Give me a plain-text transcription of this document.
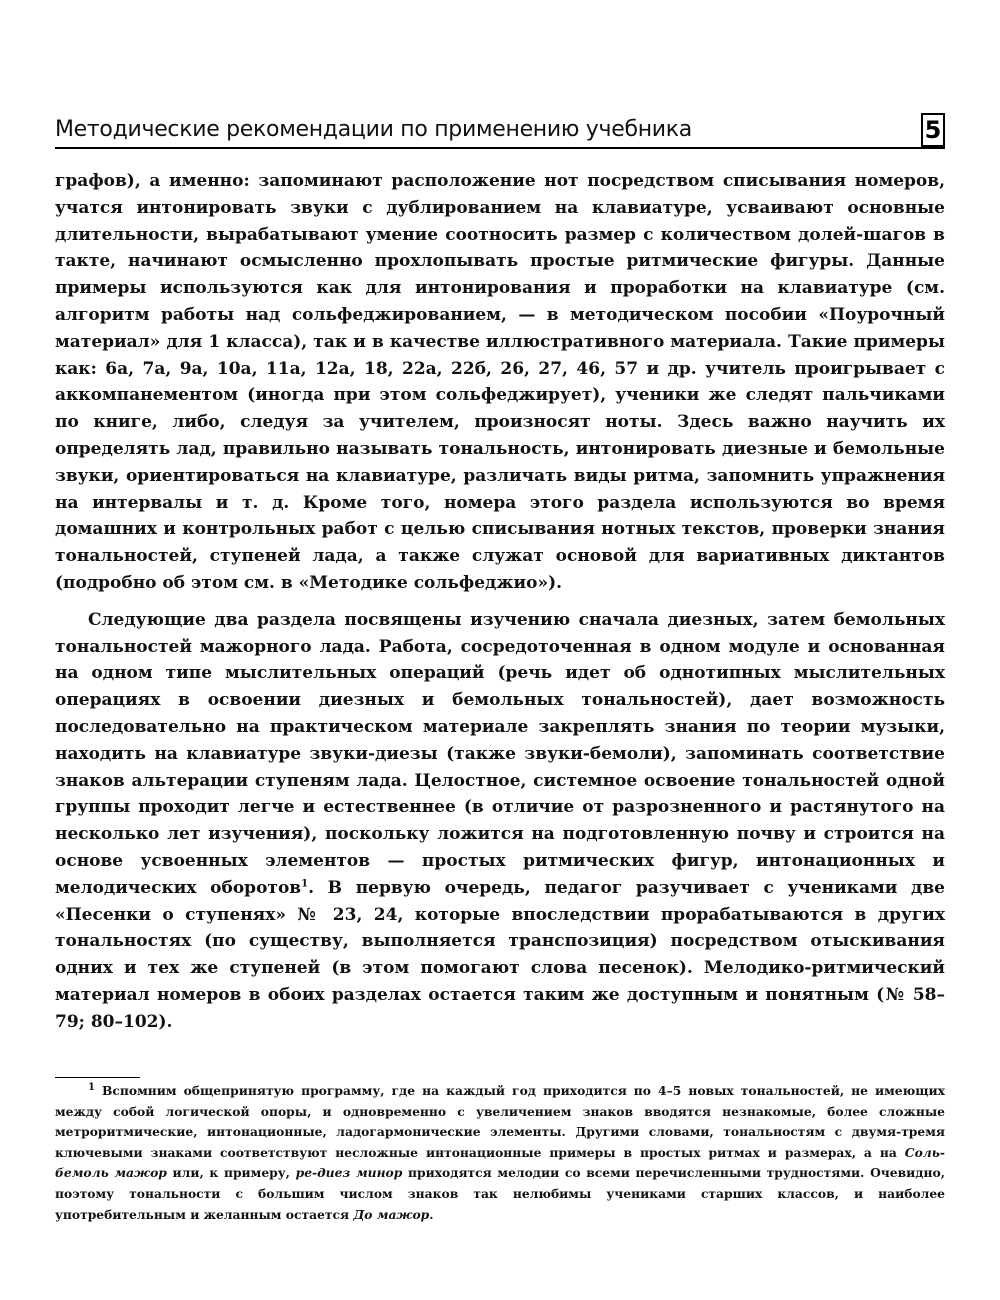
Методические рекомендации по применению учебника	5

графов), а именно: запоминают расположение нот посредством списывания номеров, учатся интонировать звуки с дублированием на клавиатуре, усваивают основные длительности, вырабатывают умение соотносить размер с количеством долей-шагов в такте, начинают осмысленно прохлопывать простые ритмические фигуры. Данные примеры используются как для интонирования и проработки на клавиатуре (см. алгоритм работы над сольфеджированием, — в методическом пособии «Поурочный материал» для 1 класса), так и в качестве иллюстративного материала. Такие примеры как: 6а, 7а, 9а, 10а, 11а, 12а, 18, 22а, 22б, 26, 27, 46, 57 и др. учитель проигрывает с аккомпанементом (иногда при этом сольфеджирует), ученики же следят пальчиками по книге, либо, следуя за учителем, произносят ноты. Здесь важно научить их определять лад, правильно называть тональность, интонировать диезные и бемольные звуки, ориентироваться на клавиатуре, различать виды ритма, запомнить упражнения на интервалы и т. д. Кроме того, номера этого раздела используются во время домашних и контрольных работ с целью списывания нотных текстов, проверки знания тональностей, ступеней лада, а также служат основой для вариативных диктантов (подробно об этом см. в «Методике сольфеджио»).

Следующие два раздела посвящены изучению сначала диезных, затем бемольных тональностей мажорного лада. Работа, сосредоточенная в одном модуле и основанная на одном типе мыслительных операций (речь идет об однотипных мыслительных операциях в освоении диезных и бемольных тональностей), дает возможность последовательно на практическом материале закреплять знания по теории музыки, находить на клавиатуре звуки-диезы (также звуки-бемоли), запоминать соответствие знаков альтерации ступеням лада. Целостное, системное освоение тональностей одной группы проходит легче и естественнее (в отличие от разрозненного и растянутого на несколько лет изучения), поскольку ложится на подготовленную почву и строится на основе усвоенных элементов — простых ритмических фигур, интонационных и мелодических оборотов$^1$. В первую очередь, педагог разучивает с учениками две «Песенки о ступенях» № 23, 24, которые впоследствии прорабатываются в других тональностях (по существу, выполняется транспозиция) посредством отыскивания одних и тех же ступеней (в этом помогают слова песенок). Мелодико-ритмический материал номеров в обоих разделах остается таким же доступным и понятным (№ 58–79; 80–102).

$^1$ Вспомним общепринятую программу, где на каждый год приходится по 4–5 новых тональностей, не имеющих между собой логической опоры, и одновременно с увеличением знаков вводятся незнакомые, более сложные метроритмические, интонационные, ладогармонические элементы. Другими словами, тональностям с двумя-тремя ключевыми знаками соответствуют несложные интонационные примеры в простых ритмах и размерах, а на Соль-бемоль мажор или, к примеру, ре-диез минор приходятся мелодии со всеми перечисленными трудностями. Очевидно, поэтому тональности с большим числом знаков так нелюбимы учениками старших классов, и наиболее употребительным и желанным остается До мажор.
